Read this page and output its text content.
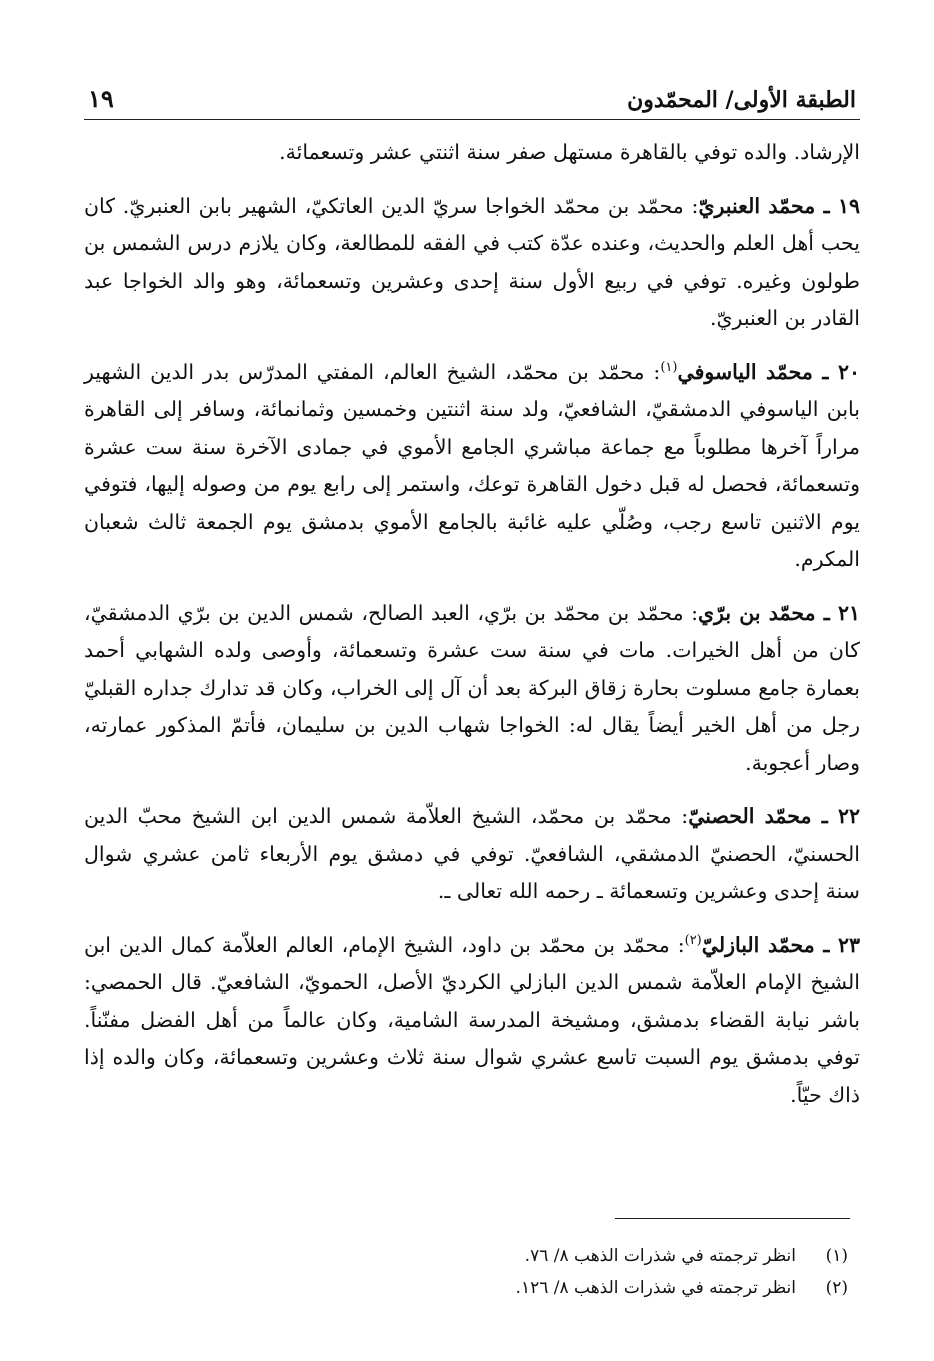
الطبقة الأولى/ المحمّدون
١٩

الإرشاد. والده توفي بالقاهرة مستهل صفر سنة اثنتي عشر وتسعمائة.

١٩ ـ محمّد العنبريّ: محمّد بن محمّد الخواجا سريّ الدين العاتكيّ، الشهير بابن العنبريّ. كان يحب أهل العلم والحديث، وعنده عدّة كتب في الفقه للمطالعة، وكان يلازم درس الشمس بن طولون وغيره. توفي في ربيع الأول سنة إحدى وعشرين وتسعمائة، وهو والد الخواجا عبد القادر بن العنبريّ.

٢٠ ـ محمّد الياسوفي$^{(١)}$: محمّد بن محمّد، الشيخ العالم، المفتي المدرّس بدر الدين الشهير بابن الياسوفي الدمشقيّ، الشافعيّ، ولد سنة اثنتين وخمسين وثمانمائة، وسافر إلى القاهرة مراراً آخرها مطلوباً مع جماعة مباشري الجامع الأموي في جمادى الآخرة سنة ست عشرة وتسعمائة، فحصل له قبل دخول القاهرة توعك، واستمر إلى رابع يوم من وصوله إليها، فتوفي يوم الاثنين تاسع رجب، وصُلّي عليه غائبة بالجامع الأموي بدمشق يوم الجمعة ثالث شعبان المكرم.

٢١ ـ محمّد بن برّي: محمّد بن محمّد بن برّي، العبد الصالح، شمس الدين بن برّي الدمشقيّ، كان من أهل الخيرات. مات في سنة ست عشرة وتسعمائة، وأوصى ولده الشهابي أحمد بعمارة جامع مسلوت بحارة زقاق البركة بعد أن آل إلى الخراب، وكان قد تدارك جداره القبليّ رجل من أهل الخير أيضاً يقال له: الخواجا شهاب الدين بن سليمان، فأتمّ المذكور عمارته، وصار أعجوبة.

٢٢ ـ محمّد الحصنيّ: محمّد بن محمّد، الشيخ العلاّمة شمس الدين ابن الشيخ محبّ الدين الحسنيّ، الحصنيّ الدمشقي، الشافعيّ. توفي في دمشق يوم الأربعاء ثامن عشري شوال سنة إحدى وعشرين وتسعمائة ـ رحمه الله تعالى ـ.

٢٣ ـ محمّد البازليّ$^{(٢)}$: محمّد بن محمّد بن داود، الشيخ الإمام، العالم العلاّمة كمال الدين ابن الشيخ الإمام العلاّمة شمس الدين البازلي الكرديّ الأصل، الحمويّ، الشافعيّ. قال الحمصي: باشر نيابة القضاء بدمشق، ومشيخة المدرسة الشامية، وكان عالماً من أهل الفضل مفنّناً. توفي بدمشق يوم السبت تاسع عشري شوال سنة ثلاث وعشرين وتسعمائة، وكان والده إذا ذاك حيّاً.

(١)
انظر ترجمته في شذرات الذهب ٨/ ٧٦.
(٢)
انظر ترجمته في شذرات الذهب ٨/ ١٢٦.
